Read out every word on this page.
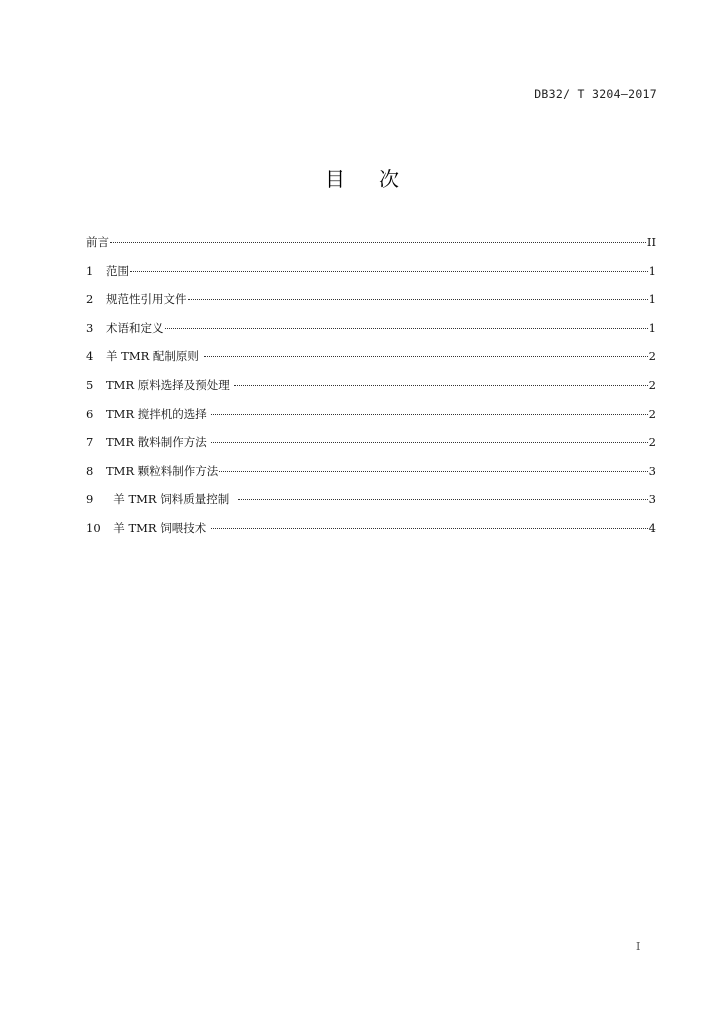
DB32/ T 3204—2017
目次
前言	II
1	范围	1
2	规范性引用文件	1
3	术语和定义	1
4	羊 TMR 配制原则	2
5	TMR 原料选择及预处理	2
6	TMR 搅拌机的选择	2
7	TMR 散料制作方法	2
8	TMR 颗粒料制作方法	3
9	羊 TMR 饲料质量控制	3
10 羊 TMR 饲喂技术	4
I
